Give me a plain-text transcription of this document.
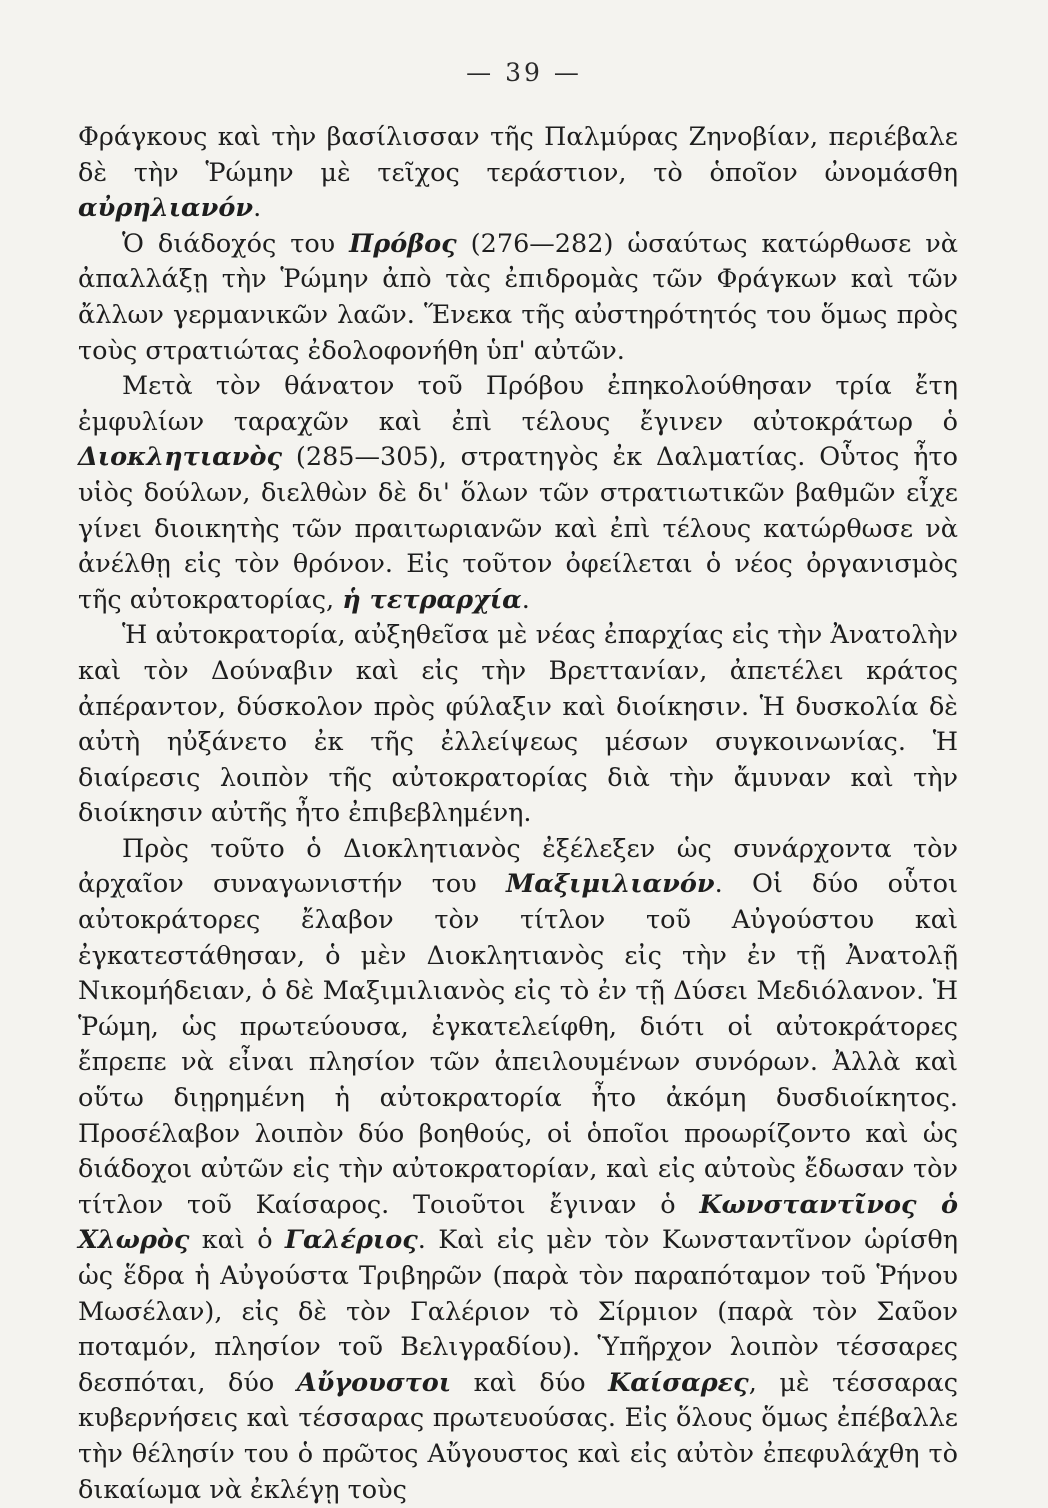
— 39 —

Φράγκους καὶ τὴν βασίλισσαν τῆς Παλμύρας Ζηνοβίαν, περιέβαλε δὲ τὴν Ῥώμην μὲ τεῖχος τεράστιον, τὸ ὁποῖον ὠνομάσθη αὐρηλιανόν.

Ὁ διάδοχός του Πρόβος (276—282) ὡσαύτως κατώρθωσε νὰ ἀπαλλάξῃ τὴν Ῥώμην ἀπὸ τὰς ἐπιδρομὰς τῶν Φράγκων καὶ τῶν ἄλλων γερμανικῶν λαῶν. Ἕνεκα τῆς αὐστηρότητός του ὅμως πρὸς τοὺς στρατιώτας ἐδολοφονήθη ὑπ' αὐτῶν.

Μετὰ τὸν θάνατον τοῦ Πρόβου ἐπηκολούθησαν τρία ἔτη ἐμφυλίων ταραχῶν καὶ ἐπὶ τέλους ἔγινεν αὐτοκράτωρ ὁ Διοκλητιανὸς (285—305), στρατηγὸς ἐκ Δαλματίας. Οὗτος ἦτο υἱὸς δούλων, διελθὼν δὲ δι' ὅλων τῶν στρατιωτικῶν βαθμῶν εἶχε γίνει διοικητὴς τῶν πραιτωριανῶν καὶ ἐπὶ τέλους κατώρθωσε νὰ ἀνέλθῃ εἰς τὸν θρόνον. Εἰς τοῦτον ὀφείλεται ὁ νέος ὀργανισμὸς τῆς αὐτοκρατορίας, ἡ τετραρχία.

Ἡ αὐτοκρατορία, αὐξηθεῖσα μὲ νέας ἐπαρχίας εἰς τὴν Ἀνατολὴν καὶ τὸν Δούναβιν καὶ εἰς τὴν Βρεττανίαν, ἀπετέλει κράτος ἀπέραντον, δύσκολον πρὸς φύλαξιν καὶ διοίκησιν. Ἡ δυσκολία δὲ αὐτὴ ηὐξάνετο ἐκ τῆς ἐλλείψεως μέσων συγκοινωνίας. Ἡ διαίρεσις λοιπὸν τῆς αὐτοκρατορίας διὰ τὴν ἄμυναν καὶ τὴν διοίκησιν αὐτῆς ἦτο ἐπιβεβλημένη.

Πρὸς τοῦτο ὁ Διοκλητιανὸς ἐξέλεξεν ὡς συνάρχοντα τὸν ἀρχαῖον συναγωνιστήν του Μαξιμιλιανόν. Οἱ δύο οὗτοι αὐτοκράτορες ἔλαβον τὸν τίτλον τοῦ Αὐγούστου καὶ ἐγκατεστάθησαν, ὁ μὲν Διοκλητιανὸς εἰς τὴν ἐν τῇ Ἀνατολῇ Νικομήδειαν, ὁ δὲ Μαξιμιλιανὸς εἰς τὸ ἐν τῇ Δύσει Μεδιόλανον. Ἡ Ῥώμη, ὡς πρωτεύουσα, ἐγκατελείφθη, διότι οἱ αὐτοκράτορες ἔπρεπε νὰ εἶναι πλησίον τῶν ἀπειλουμένων συνόρων. Ἀλλὰ καὶ οὕτω διῃρημένη ἡ αὐτοκρατορία ἦτο ἀκόμη δυσδιοίκητος. Προσέλαβον λοιπὸν δύο βοηθούς, οἱ ὁποῖοι προωρίζοντο καὶ ὡς διάδοχοι αὐτῶν εἰς τὴν αὐτοκρατορίαν, καὶ εἰς αὐτοὺς ἔδωσαν τὸν τίτλον τοῦ Καίσαρος. Τοιοῦτοι ἔγιναν ὁ Κωνσταντῖνος ὁ Χλωρὸς καὶ ὁ Γαλέριος. Καὶ εἰς μὲν τὸν Κωνσταντῖνον ὡρίσθη ὡς ἕδρα ἡ Αὐγούστα Τριβηρῶν (παρὰ τὸν παραπόταμον τοῦ Ῥήνου Μωσέλαν), εἰς δὲ τὸν Γαλέριον τὸ Σίρμιον (παρὰ τὸν Σαῦον ποταμόν, πλησίον τοῦ Βελιγραδίου). Ὑπῆρχον λοιπὸν τέσσαρες δεσπόται, δύο Αὔγουστοι καὶ δύο Καίσαρες, μὲ τέσσαρας κυβερνήσεις καὶ τέσσαρας πρωτευούσας. Εἰς ὅλους ὅμως ἐπέβαλλε τὴν θέλησίν του ὁ πρῶτος Αὔγουστος καὶ εἰς αὐτὸν ἐπεφυλάχθη τὸ δικαίωμα νὰ ἐκλέγῃ τοὺς
